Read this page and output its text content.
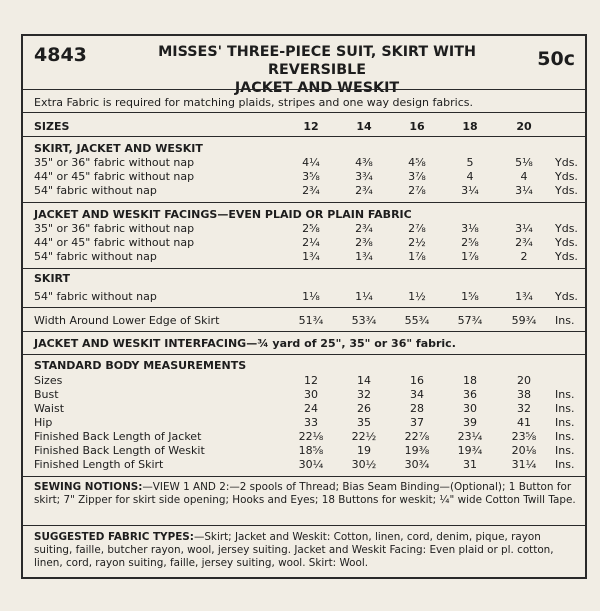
4843	MISSES' THREE-PIECE SUIT, SKIRT WITH REVERSIBLE
JACKET AND WESKIT
50c
Extra Fabric is required for matching plaids, stripes and one way design fabrics.
SIZES	12	14	16	18	20
SKIRT, JACKET AND WESKIT
35" or 36" fabric without nap	4¼	4⅜	4⅝	5	5⅛	Yds.
44" or 45" fabric without nap	3⅝	3¾	3⅞	4	4	Yds.
54" fabric without nap	2¾	2¾	2⅞	3¼	3¼	Yds.
JACKET AND WESKIT FACINGS—EVEN PLAID OR PLAIN FABRIC
35" or 36" fabric without nap	2⅝	2¾	2⅞	3⅛	3¼	Yds.
44" or 45" fabric without nap	2¼	2⅜	2½	2⅝	2¾	Yds.
54" fabric without nap	1¾	1¾	1⅞	1⅞	2	Yds.
SKIRT
54" fabric without nap	1⅛	1¼	1½	1⅝	1¾	Yds.
Width Around Lower Edge of Skirt	51¾	53¾	55¾	57¾	59¾ Ins.
JACKET AND WESKIT INTERFACING—¾ yard of 25", 35" or 36" fabric.
STANDARD BODY MEASUREMENTS
Sizes	12	14	16	18	20
Bust	30	32	34	36	38	Ins.
Waist	24	26	28	30	32	Ins.
Hip	33	35	37	39	41	Ins.
Finished Back Length of Jacket	22⅛	22½	22⅞	23¼	23⅝ Ins.
Finished Back Length of Weskit	18⅝	19	19⅜	19¾	20⅛ Ins.
Finished Length of Skirt	30¼	30½	30¾	31	31¼ Ins.
SEWING NOTIONS:—VIEW 1 AND 2:—2 spools of Thread; Bias Seam Binding—(Optional); 1 Button for skirt; 7" Zipper for skirt side opening; Hooks and Eyes; 18 Buttons for weskit; ¼" wide Cotton Twill Tape.
SUGGESTED FABRIC TYPES:—Skirt; Jacket and Weskit: Cotton, linen, cord, denim, pique, rayon suiting, faille, butcher rayon, wool, jersey suiting. Jacket and Weskit Facing: Even plaid or pl. cotton, linen, cord, rayon suiting, faille, jersey suiting, wool. Skirt: Wool.
